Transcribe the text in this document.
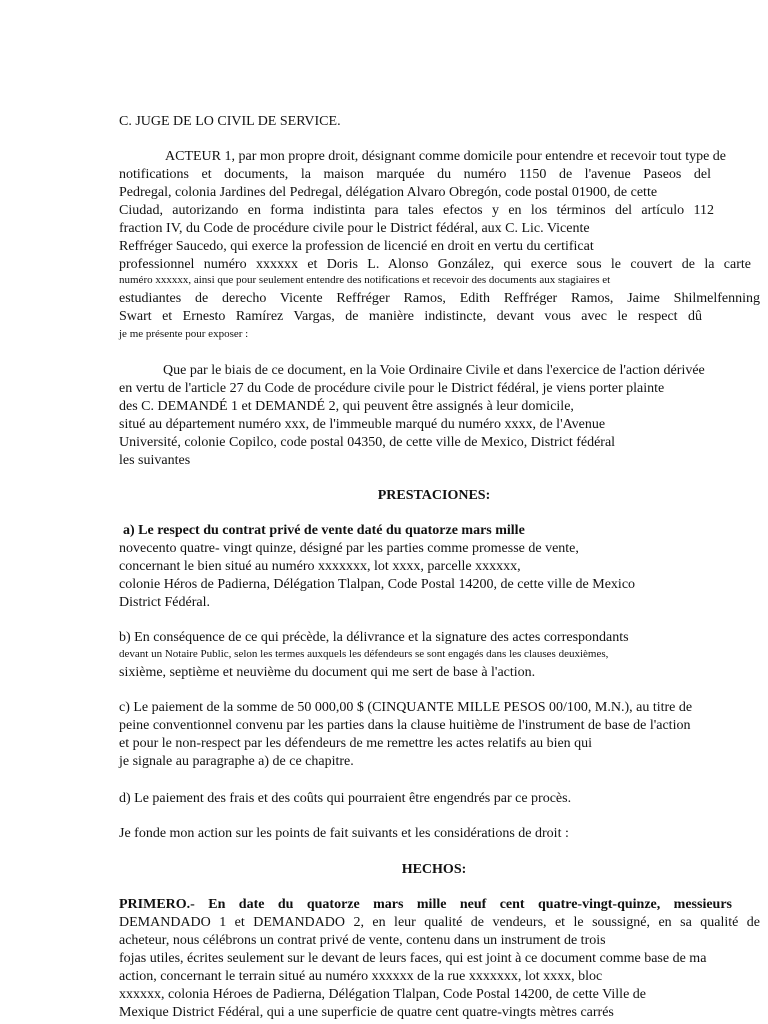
C. JUGE DE LO CIVIL DE SERVICE.
ACTEUR 1, par mon propre droit, désignant comme domicile pour entendre et recevoir tout type de
notifications et documents, la maison marquée du numéro 1150 de l'avenue Paseos del
Pedregal, colonia Jardines del Pedregal, délégation Alvaro Obregón, code postal 01900, de cette
Ciudad, autorizando en forma indistinta para tales efectos y en los términos del artículo 112
fraction IV, du Code de procédure civile pour le District fédéral, aux C. Lic. Vicente
Reffréger Saucedo, qui exerce la profession de licencié en droit en vertu du certificat
professionnel numéro xxxxxx et Doris L. Alonso González, qui exerce sous le couvert de la carte
numéro xxxxxx, ainsi que pour seulement entendre des notifications et recevoir des documents aux stagiaires et
estudiantes de derecho Vicente Reffréger Ramos, Edith Reffréger Ramos, Jaime Shilmelfenning
Swart et Ernesto Ramírez Vargas, de manière indistincte, devant vous avec le respect dû
je me présente pour exposer :
Que par le biais de ce document, en la Voie Ordinaire Civile et dans l'exercice de l'action dérivée
en vertu de l'article 27 du Code de procédure civile pour le District fédéral, je viens porter plainte
des C. DEMANDÉ 1 et DEMANDÉ 2, qui peuvent être assignés à leur domicile,
situé au département numéro xxx, de l'immeuble marqué du numéro xxxx, de l'Avenue
Université, colonie Copilco, code postal 04350, de cette ville de Mexico, District fédéral
les suivantes
PRESTACIONES:
a) Le respect du contrat privé de vente daté du quatorze mars mille
novecento quatre- vingt quinze, désigné par les parties comme promesse de vente,
concernant le bien situé au numéro xxxxxxx, lot xxxx, parcelle xxxxxx,
colonie Héros de Padierna, Délégation Tlalpan, Code Postal 14200, de cette ville de Mexico
District Fédéral.
b) En conséquence de ce qui précède, la délivrance et la signature des actes correspondants
devant un Notaire Public, selon les termes auxquels les défendeurs se sont engagés dans les clauses deuxièmes,
sixième, septième et neuvième du document qui me sert de base à l'action.
c) Le paiement de la somme de 50 000,00 $ (CINQUANTE MILLE PESOS 00/100, M.N.), au titre de
peine conventionnel convenu par les parties dans la clause huitième de l'instrument de base de l'action
et pour le non-respect par les défendeurs de me remettre les actes relatifs au bien qui
je signale au paragraphe a) de ce chapitre.
d) Le paiement des frais et des coûts qui pourraient être engendrés par ce procès.
Je fonde mon action sur les points de fait suivants et les considérations de droit :
HECHOS:
PRIMERO.- En date du quatorze mars mille neuf cent quatre-vingt-quinze, messieurs
DEMANDADO 1 et DEMANDADO 2, en leur qualité de vendeurs, et le soussigné, en sa qualité de
acheteur, nous célébrons un contrat privé de vente, contenu dans un instrument de trois
fojas utiles, écrites seulement sur le devant de leurs faces, qui est joint à ce document comme base de ma
action, concernant le terrain situé au numéro xxxxxx de la rue xxxxxxx, lot xxxx, bloc
xxxxxx, colonia Héroes de Padierna, Délégation Tlalpan, Code Postal 14200, de cette Ville de
Mexique District Fédéral, qui a une superficie de quatre cent quatre-vingts mètres carrés
